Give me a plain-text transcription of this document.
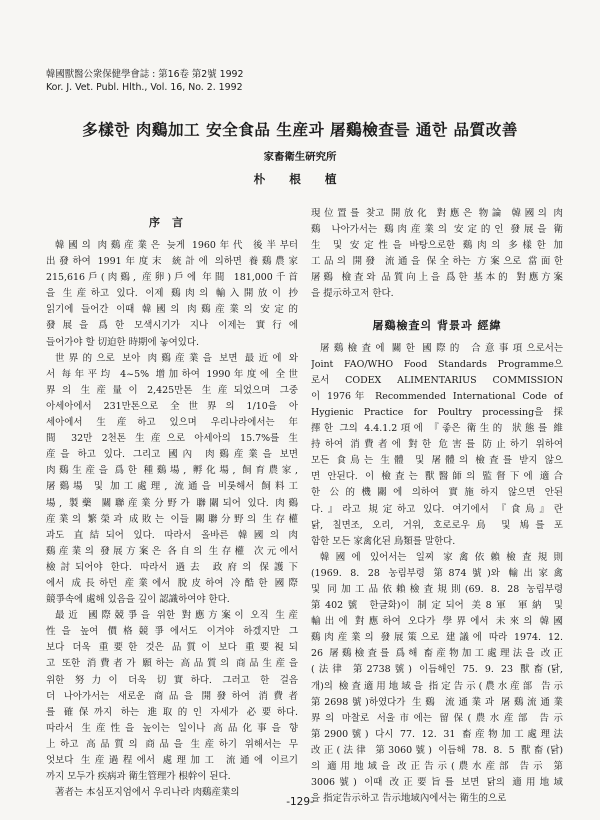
韓國獸醫公衆保健學會誌 : 第16卷 第2號 1992
Kor. J. Vet. Publ. Hlth., Vol. 16, No. 2. 1992
多樣한 肉鷄加工 安全食品 生産과 屠鷄檢査를 通한 品質改善
家畜衛生硏究所
朴 根 植
序言
韓國의 肉鷄産業은 늦게 1960年代 後半부터
出發하여 1991年度末 統計에 의하면 養鷄農家
215,616戶(肉鷄, 産卵)戶에 年間 181,000千首
을 生産하고 있다. 이제 鷄肉의 輸入開放이 抄
읽기에 들어간 이때 韓國의 肉鷄産業의 安定的
發展을 爲한 모색시기가 지나 이제는 實行에
들어가야 할 切迫한 時期에 놓여있다.
世界的으로 보아 肉鷄産業을 보면 最近에 와
서 每年平均 4~5% 增加하여 1990年度에 全世
界의 生産量이 2,425만톤 生産되었으며 그중
아세아에서 231만톤으로 全世界의 1/10을 아
세아에서 生産하고 있으며 우리나라에서는 年
間 32만 2천톤 生産으로 아세아의 15.7%를 生
産을 하고 있다. 그리고 國內 肉鷄産業을 보면
肉鷄生産을 爲한 種鷄場, 孵化場, 飼育農家,
屠鷄場 및 加工處理, 流通을 비롯해서 飼料工
場, 製藥 關聯産業分野가 聯關되어 있다. 肉鷄
産業의 繁榮과 成敗는 이들 關聯分野의 生存權
과도 直結되어 있다. 따라서 올바른 韓國의 肉
鷄産業의 發展方案은 各自의 生存權 次元에서
檢討되어야 한다. 따라서 過去 政府의 保護下
에서 成長하던 産業에서 脫皮하여 冷酷한 國際
競爭속에 處해 있음을 깊이 認識하여야 한다.
最近 國際競爭을 위한 對應方案이 오직 生産
性을 높여 價格競爭에서도 이겨야 하겠지만 그
보다 더욱 重要한 것은 品質이 보다 重要視되
고 또한 消費者가 願하는 高品質의 商品生産을
위한 努力이 더욱 切實하다. 그러고 한 걸음
더 나아가서는 새로운 商品을 開發하여 消費者
를 確保까지 하는 進取的인 자세가 必要하다.
따라서 生産性을 높이는 일이나 高品化事을 향
上하고 高品質의 商品을 生産하기 위해서는 무
엇보다 生産過程에서 處理加工 流通에 이르기
까지 모두가 疾病과 衛生管理가 根幹이 된다.
著者는 本심포지엄에서 우리나라 肉鷄産業의
現位置를 찾고 開放化 對應은 物論 韓國의 肉
鷄 나아가서는 鷄肉産業의 安定的인 發展을 衛
生 및 安定性을 바탕으로한 鷄肉의 多樣한 加
工品의 開發 流通을 保全하는 方案으로 當面한
屠鷄 檢査와 品質向上을 爲한 基本的 對應方案
을 提示하고저 한다.
屠鷄檢査의 背景과 經緯
屠鷄檢査에 關한 國際的 合意事項으로서는
Joint FAO/WHO Food Standards Programme으
로서 CODEX ALIMENTARIUS COMMISSION
이 1976年 Recommended International Code of
Hygienic Practice for Poultry processing을 採
擇한 그의 4.4.1.2項에 『좋은 衛生的 狀態를 維
持하여 消費者에 對한 危害를 防止하기 위하여
모든 食鳥는 生體 및 屠體의 檢査를 받지 않으
면 안된다. 이 檢査는 獸醫師의 監督下에 適合
한 公的機關에 의하여 實施하지 않으면 안된
다.』라고 規定하고 있다. 여기에서 『食鳥』란
닭, 칠면조, 오리, 거위, 호로로우鳥 및 鳩를 포
함한 모든 家禽化된 鳥類를 말한다.
韓國에 있어서는 일찌 家禽依賴檢査規則
(1969. 8. 28 농림부령 第874號)와 輸出家禽
및 同加工品依賴檢査規則(69. 8. 28 농림부령
第402號 한글화)이 制定되어 美8軍 軍納 및
輸出에 對應하여 오다가 學界에서 未來의 韓國
鷄肉産業의 發展策으로 建議에 따라 1974. 12.
26 屠鷄檢査를 爲해 畜産物加工處理法을 改正
(法律 第2738號) 이듬해인 75. 9. 23 獸畜(닭,
개)의 檢査適用地域을 指定告示(農水産部 告示
第2698號)하였다가 生鷄 流通業과 屠鷄流通業
界의 마찰로 서울市에는 留保(農水産部 告示
第2900號) 다시 77. 12. 31 畜産物加工處理法
改正(法律 第3060號) 이듬해 78. 8. 5 獸畜(닭)
의 適用地域을 改正告示(農水産部 告示 第
3006號) 이때 改正要旨를 보면 닭의 適用地域
을 指定告示하고 告示地域內에서는 衛生的으로
-129-
